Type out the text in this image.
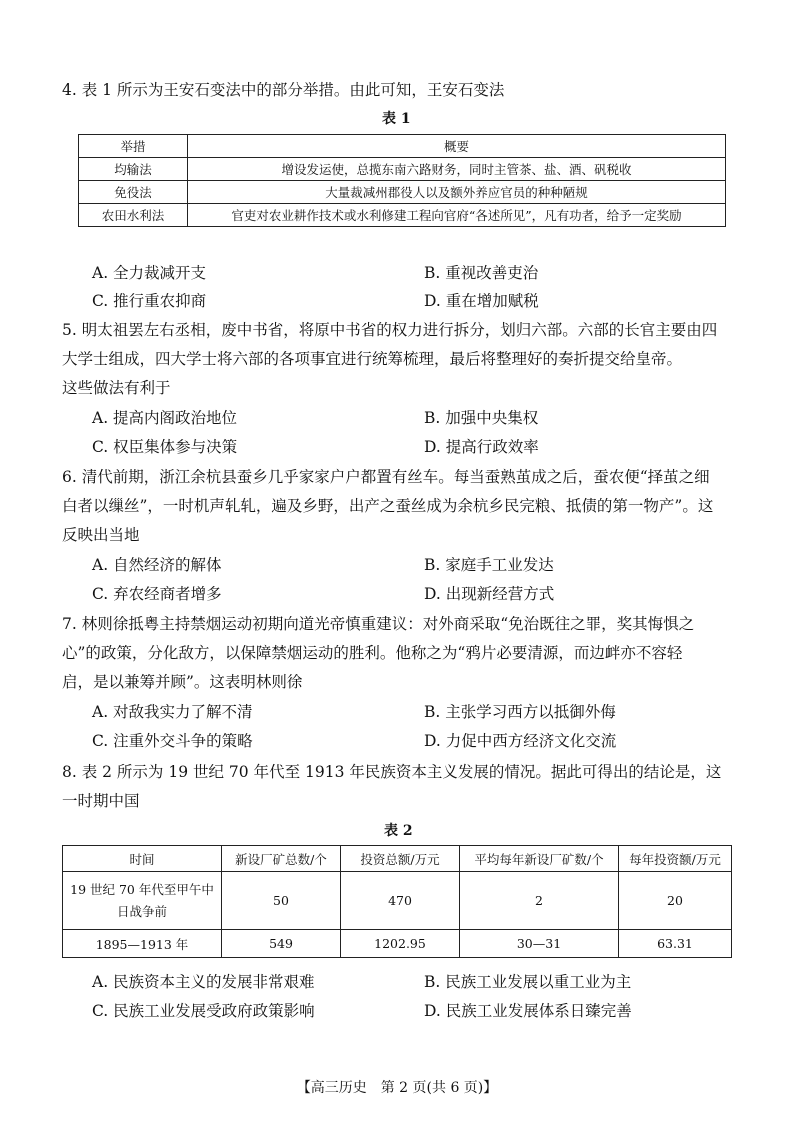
4. 表 1 所示为王安石变法中的部分举措。由此可知，王安石变法
表 1
举措	概要
均输法	增设发运使，总揽东南六路财务，同时主管茶、盐、酒、矾税收
免役法	大量裁减州郡役人以及额外养应官员的种种陋规
农田水利法	官吏对农业耕作技术或水利修建工程向官府“各述所见”，凡有功者，给予一定奖励
A. 全力裁减开支	B. 重视改善吏治
C. 推行重农抑商	D. 重在增加赋税
5. 明太祖罢左右丞相，废中书省，将原中书省的权力进行拆分，划归六部。六部的长官主要由四
大学士组成，四大学士将六部的各项事宜进行统筹梳理，最后将整理好的奏折提交给皇帝。
这些做法有利于
A. 提高内阁政治地位	B. 加强中央集权
C. 权臣集体参与决策	D. 提高行政效率
6. 清代前期，浙江余杭县蚕乡几乎家家户户都置有丝车。每当蚕熟茧成之后，蚕农便“择茧之细
白者以缫丝”，一时机声轧轧，遍及乡野，出产之蚕丝成为余杭乡民完粮、抵债的第一物产”。这
反映出当地
A. 自然经济的解体	B. 家庭手工业发达
C. 弃农经商者增多	D. 出现新经营方式
7. 林则徐抵粤主持禁烟运动初期向道光帝慎重建议：对外商采取“免治既往之罪，奖其悔惧之
心”的政策，分化敌方，以保障禁烟运动的胜利。他称之为“鸦片必要清源，而边衅亦不容轻
启，是以兼筹并顾”。这表明林则徐
A. 对敌我实力了解不清	B. 主张学习西方以抵御外侮
C. 注重外交斗争的策略	D. 力促中西方经济文化交流
8. 表 2 所示为 19 世纪 70 年代至 1913 年民族资本主义发展的情况。据此可得出的结论是，这
一时期中国
表 2
时间	新设厂矿总数/个	投资总额/万元	平均每年新设厂矿数/个	每年投资额/万元
19 世纪 70 年代至甲午中日战争前	50	470	2	20
1895—1913 年	549	1202.95	30—31	63.31
A. 民族资本主义的发展非常艰难	B. 民族工业发展以重工业为主
C. 民族工业发展受政府政策影响	D. 民族工业发展体系日臻完善
【高三历史　第 2 页(共 6 页)】
